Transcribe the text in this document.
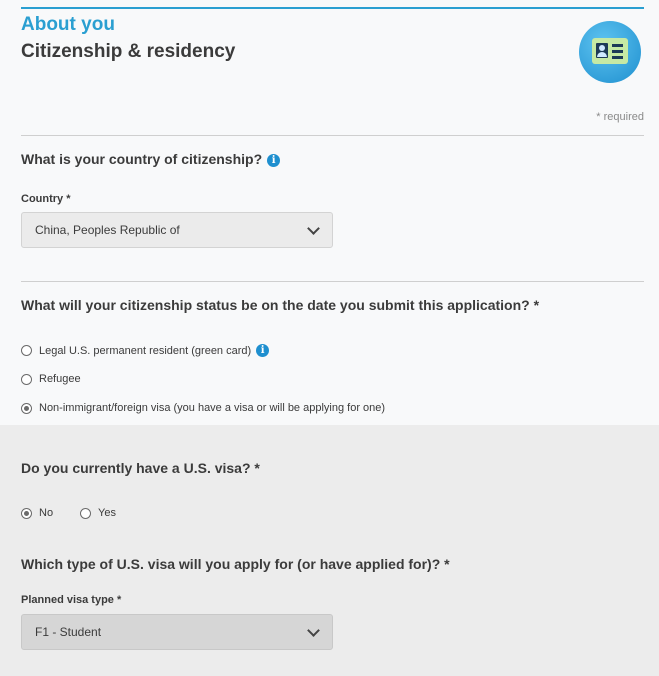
About you
Citizenship & residency
* required
What is your country of citizenship? i
Country *
China, Peoples Republic of
What will your citizenship status be on the date you submit this application? *
Legal U.S. permanent resident (green card) i
Refugee
Non-immigrant/foreign visa (you have a visa or will be applying for one)
Do you currently have a U.S. visa? *
No	Yes
Which type of U.S. visa will you apply for (or have applied for)? *
Planned visa type *
F1 - Student
